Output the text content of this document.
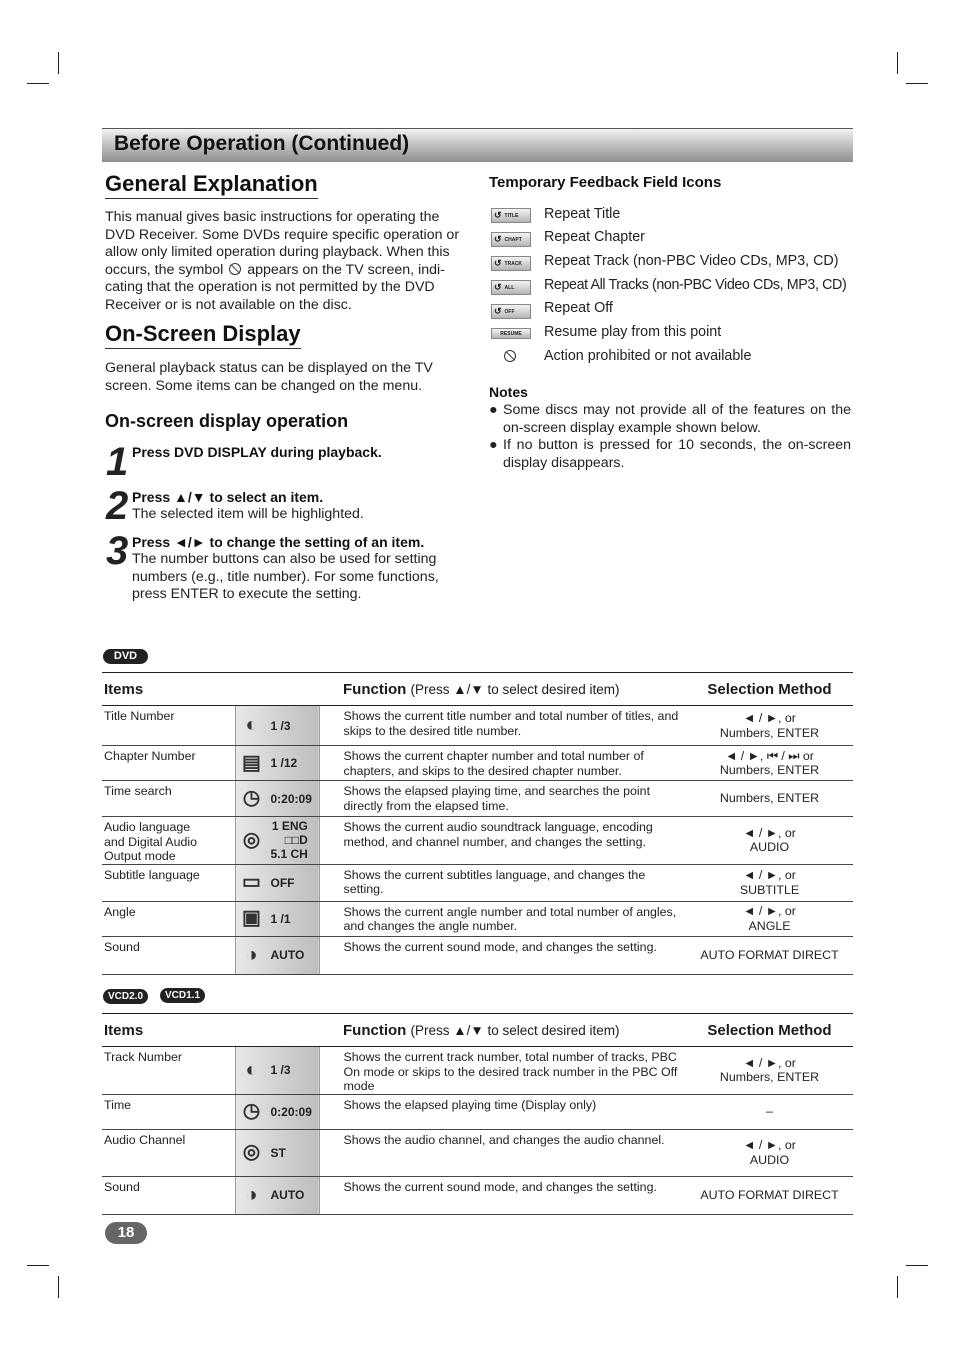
Before Operation (Continued)
General Explanation
This manual gives basic instructions for operating the DVD Receiver. Some DVDs require specific operation or allow only limited operation during playback. When this occurs, the symbol appears on the TV screen, indi-cating that the operation is not permitted by the DVD Receiver or is not available on the disc.
On-Screen Display
General playback status can be displayed on the TV screen. Some items can be changed on the menu.
On-screen display operation
1 Press DVD DISPLAY during playback.
2 Press ▲/▼ to select an item.
The selected item will be highlighted.
3 Press ◄/► to change the setting of an item.
The number buttons can also be used for setting numbers (e.g., title number). For some functions, press ENTER to execute the setting.
Temporary Feedback Field Icons
↺ TITLE Repeat Title
↺ CHAPT Repeat Chapter
↺ TRACK Repeat Track (non-PBC Video CDs, MP3, CD)
↺ ALL Repeat All Tracks (non-PBC Video CDs, MP3, CD)
↺ OFF Repeat Off
RESUME Resume play from this point
Action prohibited or not available
Notes
● Some discs may not provide all of the features on the on-screen display example shown below.
● If no button is pressed for 10 seconds, the on-screen display disappears.
DVD
Items		Function (Press ▲/▼ to select desired item)	Selection Method
Title Number	◐ 1 /3	Shows the current title number and total number of titles, and skips to the desired title number.	◄ / ►, or
Numbers, ENTER
Chapter Number	▤ 1 /12	Shows the current chapter number and total number of chapters, and skips to the desired chapter number.	◄ / ►, ⏮ / ⏭ or
Numbers, ENTER
Time search	◷ 0:20:09	Shows the elapsed playing time, and searches the point directly from the elapsed time.	Numbers, ENTER
Audio language
and Digital Audio
Output mode	◎
1 ENG
□□D
5.1 CH	Shows the current audio soundtrack language, encoding method, and channel number, and changes the setting.	◄ / ►, or
AUDIO
Subtitle language	▭ OFF	Shows the current subtitles language, and changes the setting.	◄ / ►, or
SUBTITLE
Angle	▣ 1 /1	Shows the current angle number and total number of angles, and changes the angle number.	◄ / ►, or
ANGLE
Sound	◑ AUTO	Shows the current sound mode, and changes the setting.	AUTO FORMAT DIRECT
VCD2.0	VCD1.1
Items		Function (Press ▲/▼ to select desired item)	Selection Method
Track Number	◐ 1 /3	Shows the current track number, total number of tracks, PBC On mode or skips to the desired track number in the PBC Off mode	◄ / ►, or
Numbers, ENTER
Time	◷ 0:20:09	Shows the elapsed playing time (Display only)	–
Audio Channel	◎ ST	Shows the audio channel, and changes the audio channel.	◄ / ►, or
AUDIO
Sound	◑ AUTO	Shows the current sound mode, and changes the setting.	AUTO FORMAT DIRECT
18
